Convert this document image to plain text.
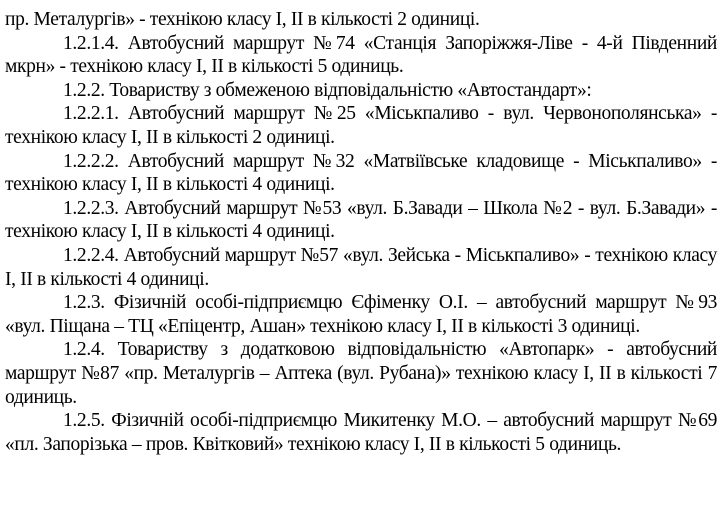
пр. Металургів» - технікою класу І, ІІ в кількості 2 одиниці.

1.2.1.4. Автобусний маршрут №74 «Станція Запоріжжя-Ліве - 4-й Південний мкрн» - технікою класу І, ІІ в кількості 5 одиниць.

1.2.2. Товариству з обмеженою відповідальністю «Автостандарт»:

1.2.2.1. Автобусний маршрут №25 «Міськпаливо - вул. Червонополянська» - технікою класу І, ІІ в кількості 2 одиниці.

1.2.2.2. Автобусний маршрут №32 «Матвіївське кладовище - Міськпаливо» - технікою класу І, ІІ в кількості 4 одиниці.

1.2.2.3. Автобусний маршрут №53 «вул. Б.Завади – Школа №2 - вул. Б.Завади» - технікою класу І, ІІ в кількості 4 одиниці.

1.2.2.4. Автобусний маршрут №57 «вул. Зейська - Міськпаливо» - технікою класу І, ІІ в кількості 4 одиниці.

1.2.3. Фізичній особі-підприємцю Єфіменку О.І. – автобусний маршрут №93 «вул. Піщана – ТЦ «Епіцентр, Ашан» технікою класу І, ІІ в кількості 3 одиниці.

1.2.4. Товариству з додатковою відповідальністю «Автопарк» - автобусний маршрут №87 «пр. Металургів – Аптека (вул. Рубана)» технікою класу І, ІІ в кількості 7 одиниць.

1.2.5. Фізичній особі-підприємцю Микитенку М.О. – автобусний маршрут №69 «пл. Запорізька – пров. Квітковий» технікою класу І, ІІ в кількості 5 одиниць.
